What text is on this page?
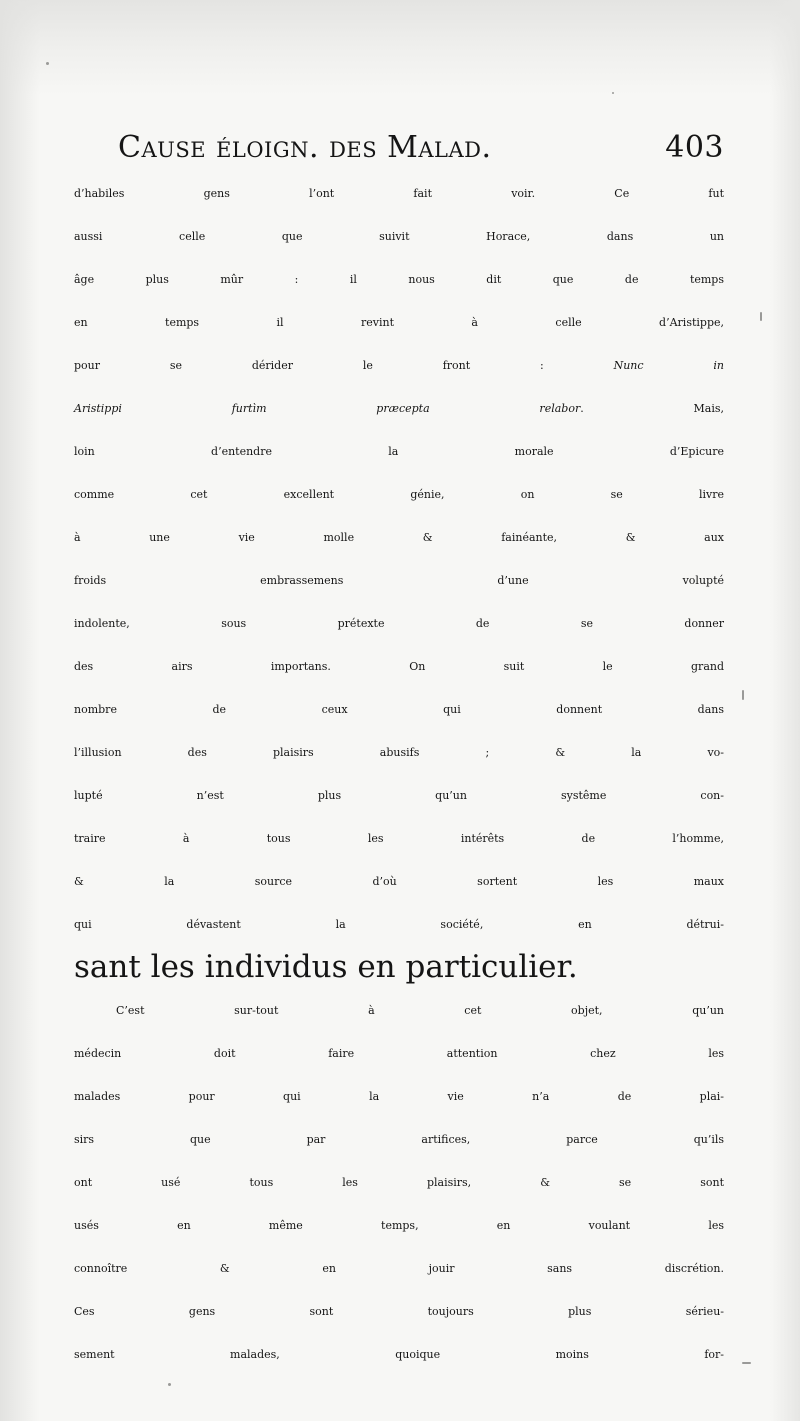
Cause éloign. des Malad.	403
d’habiles gens l’ont fait voir. Ce fut
aussi celle que suivit Horace, dans un
âge plus mûr : il nous dit que de temps
en temps il revint à celle d’Aristippe,
pour se dérider le front : Nunc in
Aristippi furtìm præcepta relabor. Mais,
loin d’entendre la morale d’Epicure
comme cet excellent génie, on se livre
à une vie molle & fainéante, & aux
froids embrassemens d’une volupté
indolente, sous prétexte de se donner
des airs importans. On suit le grand
nombre de ceux qui donnent dans
l’illusion des plaisirs abusifs ; & la vo-
lupté n’est plus qu’un systême con-
traire à tous les intérêts de l’homme,
& la source d’où sortent les maux
qui dévastent la société, en détrui-
sant les individus en particulier.
C’est sur-tout à cet objet, qu’un
médecin doit faire attention chez les
malades pour qui la vie n’a de plai-
sirs que par artifices, parce qu’ils
ont usé tous les plaisirs, & se sont
usés en même temps, en voulant les
connoître & en jouir sans discrétion.
Ces gens sont toujours plus sérieu-
sement malades, quoique moins for-
